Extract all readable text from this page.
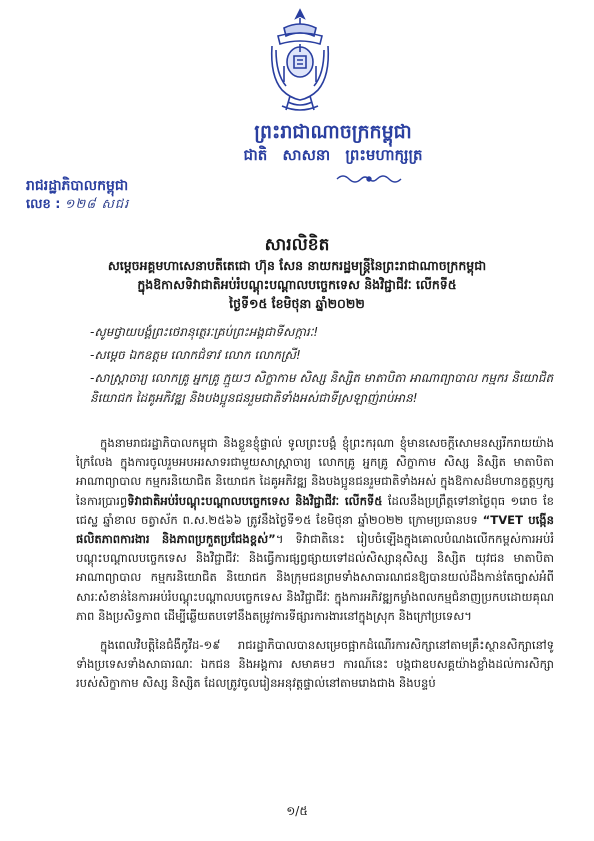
ព្រះរាជាណាចក្រកម្ពុជា
ជាតិ សាសនា ព្រះមហាក្សត្រ
រាជរដ្ឋាភិបាលកម្ពុជា
លេខ : ១២៨ សជរ
សារលិខិត
សម្តេចអគ្គមហាសេនាបតីតេជោ ហ៊ុន សែន នាយករដ្ឋមន្ត្រីនៃព្រះរាជាណាចក្រកម្ពុជា
ក្នុងឱកាសទិវាជាតិអប់រំបណ្តុះបណ្តាលបច្ចេកទេស និងវិជ្ជាជីវៈ លើកទី៥
ថ្ងៃទី១៥ ខែមិថុនា ឆ្នាំ២០២២

-សូមថ្វាយបង្គំព្រះថេរានុត្ថេរៈគ្រប់ព្រះអង្គជាទីសក្ការៈ!

-សម្តេច ឯកឧត្តម លោកជំទាវ លោក លោកស្រី!

-សាស្ត្រាចារ្យ លោកគ្រូ អ្នកគ្រូ ក្មួយៗ សិក្ខាកាម សិស្ស និស្សិត មាតាបិតា អាណាព្យាបាល កម្មករ និយោជិត និយោជក ដៃគូអភិវឌ្ឍ និងបងប្អូនជនរួមជាតិទាំងអស់ជាទីស្រឡាញ់រាប់អាន!

ក្នុងនាមរាជរដ្ឋាភិបាលកម្ពុជា និងខ្លួនខ្ញុំផ្ទាល់ ទូលព្រះបង្គំ ខ្ញុំព្រះករុណា ខ្ញុំមានសេចក្តីសោមនស្សរីករាយយ៉ាងក្រៃលែង ក្នុងការចូលរួមអបអរសាទរជាមួយសាស្ត្រាចារ្យ លោកគ្រូ អ្នកគ្រូ សិក្ខាកាម សិស្ស និស្សិត មាតាបិតា អាណាព្យាបាល កម្មករនិយោជិត និយោជក ដៃគូអភិវឌ្ឍ និងបងប្អូនជនរួមជាតិទាំងអស់ ក្នុងឱកាសដ៏មហានក្ខត្តឫក្សនៃការប្រារព្ធទិវាជាតិអប់រំបណ្តុះបណ្តាលបច្ចេកទេស និងវិជ្ជាជីវៈ លើកទី៥ ដែលនឹងប្រព្រឹត្តទៅនាថ្ងៃពុធ ១រោច ខែជេស្ឋ ឆ្នាំខាល ចត្វាស័ក ព.ស.២៥៦៦ ត្រូវនឹងថ្ងៃទី១៥ ខែមិថុនា ឆ្នាំ២០២២ ក្រោមប្រធានបទ “TVET បង្កើនផលិតភាពការងារ និងភាពប្រកួតប្រជែងខ្ពស់”។ ទិវាជាតិនេះ រៀបចំឡើងក្នុងគោលបំណងលើកកម្ពស់ការអប់រំបណ្តុះបណ្តាលបច្ចេកទេស និងវិជ្ជាជីវៈ និងធ្វើការផ្សព្វផ្សាយទៅដល់សិស្សានុសិស្ស និស្សិត យុវជន មាតាបិតា អាណាព្យាបាល កម្មករនិយោជិត និយោជក និងក្រុមជនព្រមទាំងសាធារណជនឱ្យបានយល់ដឹងកាន់តែច្បាស់អំពីសារៈសំខាន់នៃការអប់រំបណ្តុះបណ្តាលបច្ចេកទេស និងវិជ្ជាជីវៈ ក្នុងការអភិវឌ្ឍកម្លាំងពលកម្មជំនាញប្រកបដោយគុណភាព និងប្រសិទ្ធភាព ដើម្បីឆ្លើយតបទៅនឹងតម្រូវការទីផ្សារការងារនៅក្នុងស្រុក និងក្រៅប្រទេស។

ក្នុងពេលវិបត្តិនៃជំងឺកូវីដ-១៩ រាជរដ្ឋាភិបាលបានសម្រេចផ្អាកដំណើរការសិក្សានៅតាមគ្រឹះស្ថានសិក្សានៅទូទាំងប្រទេសទាំងសាធារណៈ ឯកជន និងអង្គការ សមាគមៗ ការណ៍នេះ បង្កជាឧបសគ្គយ៉ាងខ្លាំងដល់ការសិក្សារបស់សិក្ខាកាម សិស្ស និស្សិត ដែលត្រូវចូលរៀនអនុវត្តផ្ទាល់នៅតាមរោងជាង និងបន្ទប់

១/៥
